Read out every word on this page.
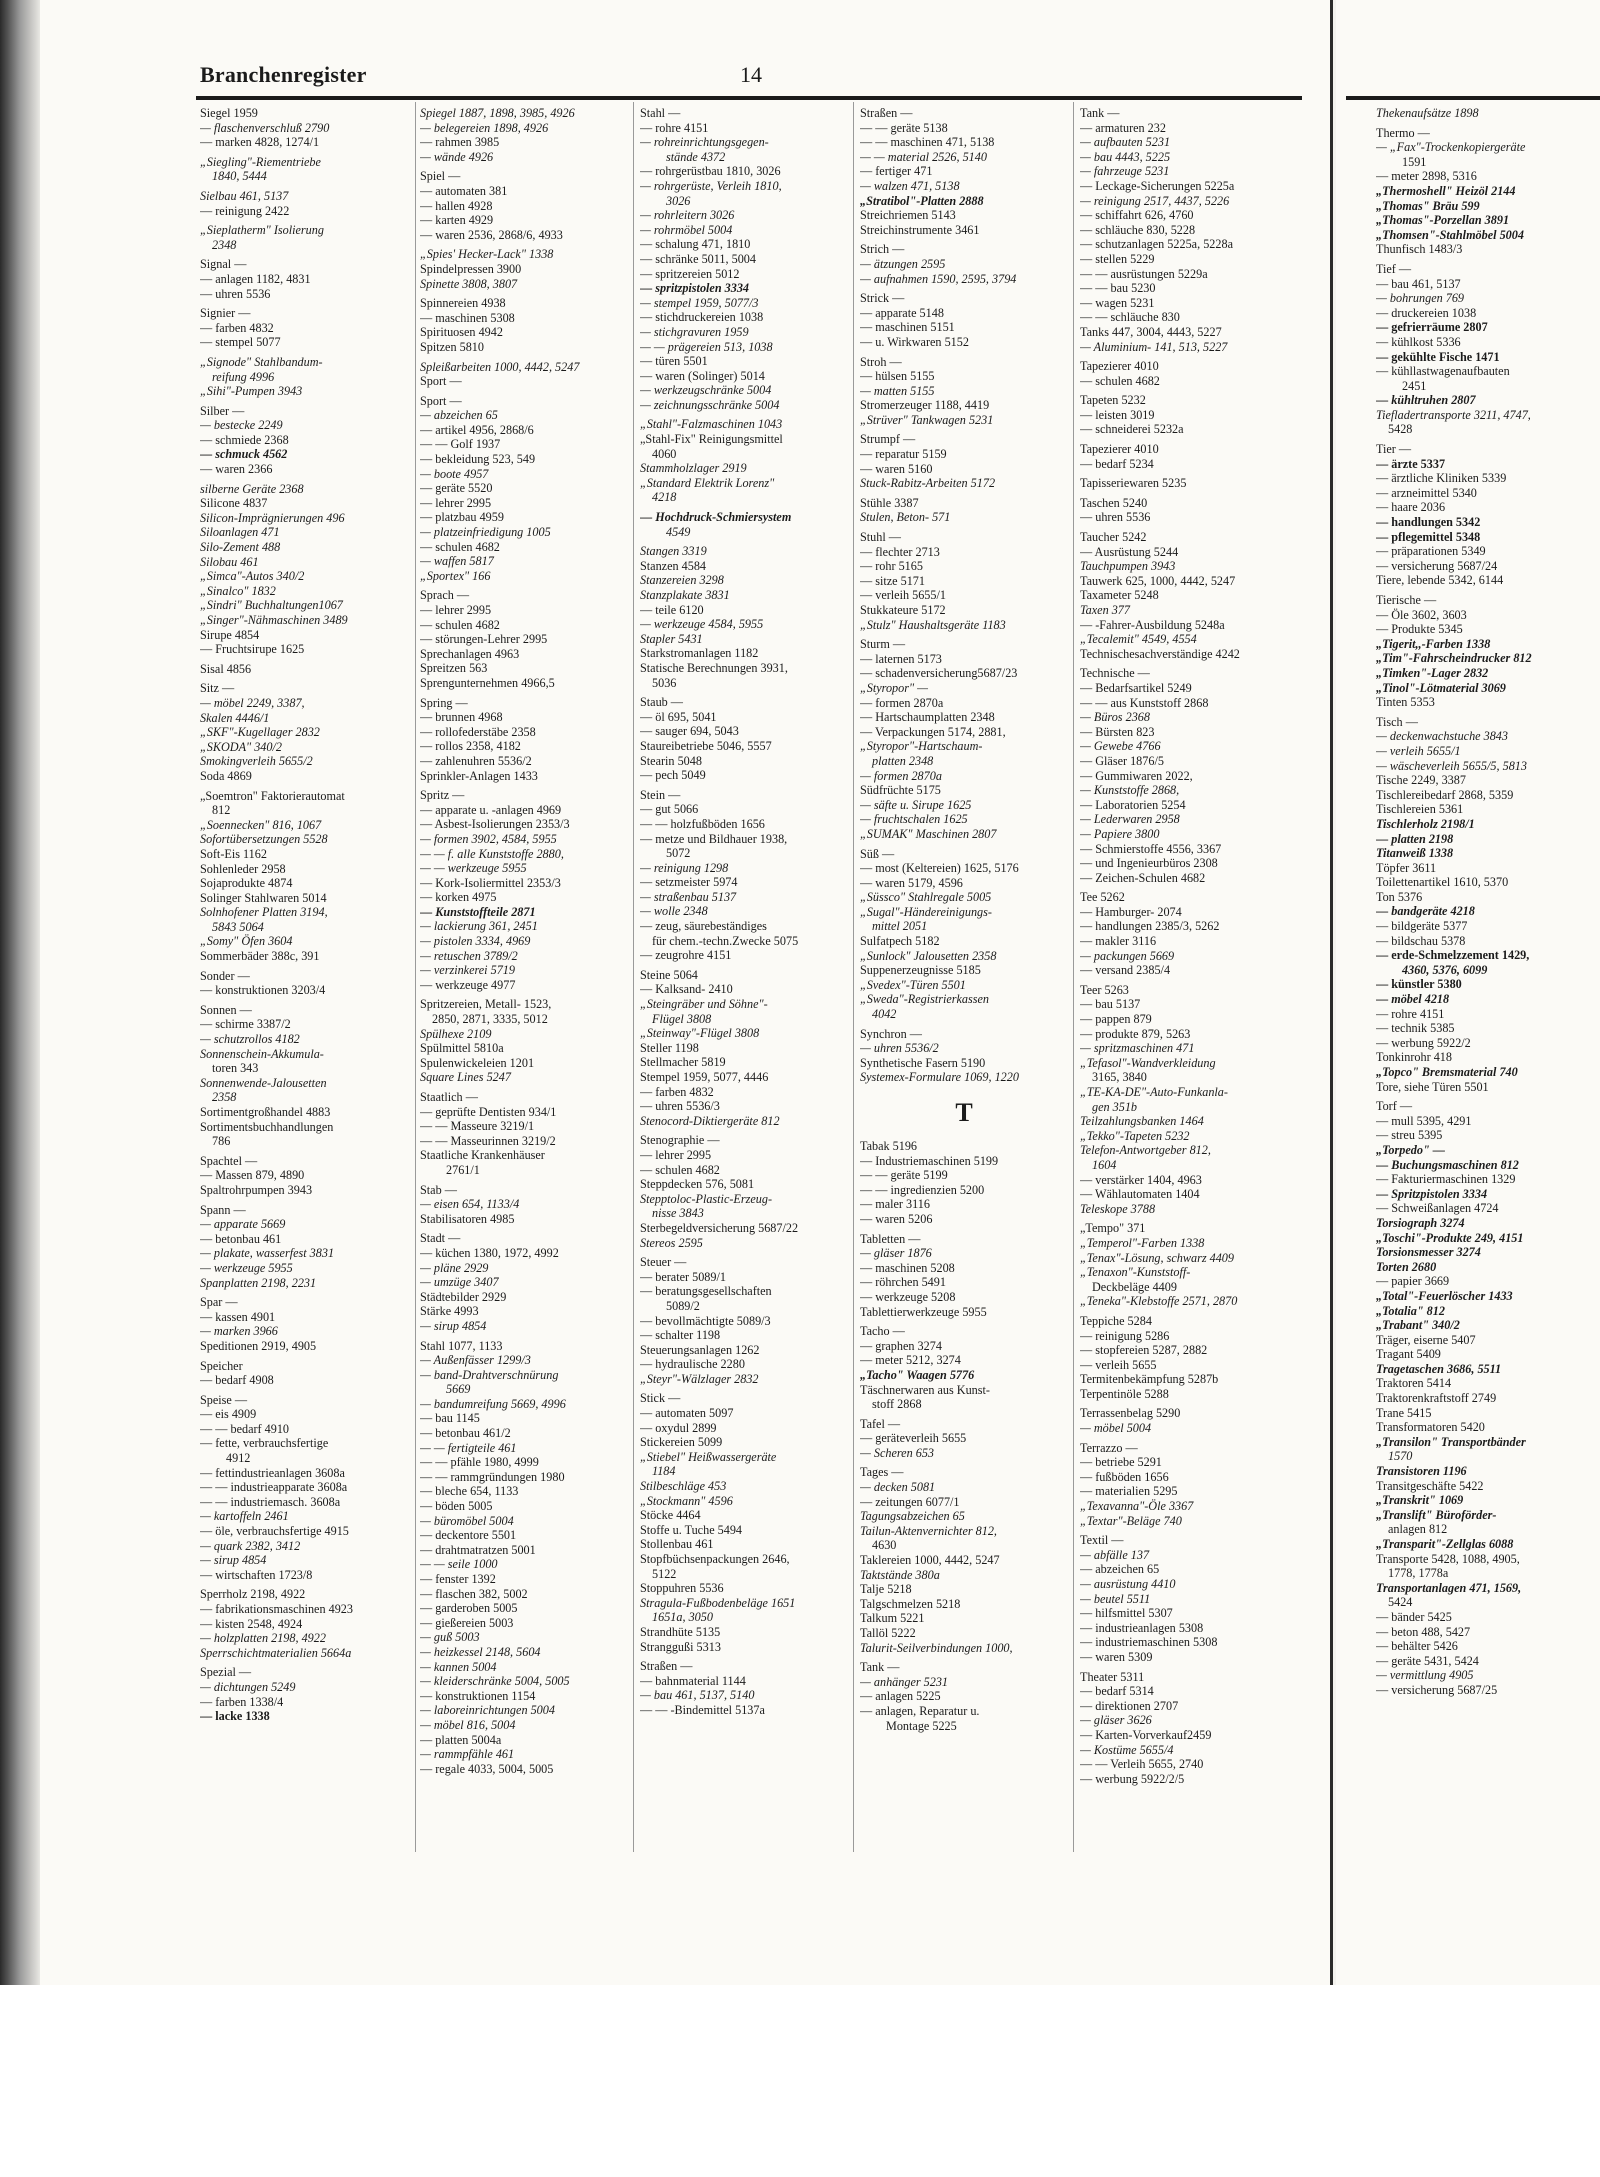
Branchenregister	14
Siegel 1959
— flaschenverschluß 2790
— marken 4828, 1274/1
„Siegling"-Riementriebe
1840, 5444
Sielbau 461, 5137
— reinigung 2422
„Sieplatherm" Isolierung
2348
Signal —
— anlagen 1182, 4831
— uhren 5536
Signier —
— farben 4832
— stempel 5077
„Signode" Stahlbandum-
reifung 4996
„Sihi"-Pumpen 3943
Silber —
— bestecke 2249
— schmiede 2368
— schmuck 4562
— waren 2366
silberne Geräte 2368
Silicone 4837
Silicon-Imprägnierungen 496
Siloanlagen 471
Silo-Zement 488
Silobau 461
„Simca"-Autos 340/2
„Sinalco" 1832
„Sindri" Buchhaltungen1067
„Singer"-Nähmaschinen 3489
Sirupe 4854
— Fruchtsirupe 1625
Sisal 4856
Sitz —
— möbel 2249, 3387,
Skalen 4446/1
„SKF"-Kugellager 2832
„SKODA" 340/2
Smokingverleih 5655/2
Soda 4869
„Soemtron" Faktorierautomat
812
„Soennecken" 816, 1067
Sofortübersetzungen 5528
Soft-Eis 1162
Sohlenleder 2958
Sojaprodukte 4874
Solinger Stahlwaren 5014
Solnhofener Platten 3194,
5843 5064
„Somy" Öfen 3604
Sommerbäder 388c, 391
Sonder —
— konstruktionen 3203/4
Sonnen —
— schirme 3387/2
— schutzrollos 4182
Sonnenschein-Akkumula-
toren 343
Sonnenwende-Jalousetten
2358
Sortimentgroßhandel 4883
Sortimentsbuchhandlungen
786
Spachtel —
— Massen 879, 4890
Spaltrohrpumpen 3943
Spann —
— apparate 5669
— betonbau 461
— plakate, wasserfest 3831
— werkzeuge 5955
Spanplatten 2198, 2231
Spar —
— kassen 4901
— marken 3966
Speditionen 2919, 4905
Speicher
— bedarf 4908
Speise —
— eis 4909
— — bedarf 4910
— fette, verbrauchsfertige
4912
— fettindustrieanlagen 3608a
— — industrieapparate 3608a
— — industriemasch. 3608a
— kartoffeln 2461
— öle, verbrauchsfertige 4915
— quark 2382, 3412
— sirup 4854
— wirtschaften 1723/8
Sperrholz 2198, 4922
— fabrikationsmaschinen 4923
— kisten 2548, 4924
— holzplatten 2198, 4922
Sperrschichtmaterialien 5664a
Spezial —
— dichtungen 5249
— farben 1338/4
— lacke 1338
Spiegel 1887, 1898, 3985, 4926
— belegereien 1898, 4926
— rahmen 3985
— wände 4926
Spiel —
— automaten 381
— hallen 4928
— karten 4929
— waren 2536, 2868/6, 4933
„Spies' Hecker-Lack" 1338
Spindelpressen 3900
Spinette 3808, 3807
Spinnereien 4938
— maschinen 5308
Spirituosen 4942
Spitzen 5810
Spleißarbeiten 1000, 4442, 5247
Sport —
Sport —
— abzeichen 65
— artikel 4956, 2868/6
— — Golf 1937
— bekleidung 523, 549
— boote 4957
— geräte 5520
— lehrer 2995
— platzbau 4959
— platzeinfriedigung 1005
— schulen 4682
— waffen 5817
„Sportex" 166
Sprach —
— lehrer 2995
— schulen 4682
— störungen-Lehrer 2995
Sprechanlagen 4963
Spreitzen 563
Sprengunternehmen 4966,5
Spring —
— brunnen 4968
— rollofederstäbe 2358
— rollos 2358, 4182
— zahlenuhren 5536/2
Sprinkler-Anlagen 1433
Spritz —
— apparate u. -anlagen 4969
— Asbest-Isolierungen 2353/3
— formen 3902, 4584, 5955
— — f. alle Kunststoffe 2880,
— — werkzeuge 5955
— Kork-Isoliermittel 2353/3
— korken 4975
— Kunststoffteile 2871
— lackierung 361, 2451
— pistolen 3334, 4969
— retuschen 3789/2
— verzinkerei 5719
— werkzeuge 4977
Spritzereien, Metall- 1523,
2850, 2871, 3335, 5012
Spülhexe 2109
Spülmittel 5810a
Spulenwickeleien 1201
Square Lines 5247
Staatlich —
— geprüfte Dentisten 934/1
— — Masseure 3219/1
— — Masseurinnen 3219/2
Staatliche Krankenhäuser
2761/1
Stab —
— eisen 654, 1133/4
Stabilisatoren 4985
Stadt —
— küchen 1380, 1972, 4992
— pläne 2929
— umzüge 3407
Städtebilder 2929
Stärke 4993
— sirup 4854
Stahl 1077, 1133
— Außenfässer 1299/3
— band-Drahtverschnürung
5669
— bandumreifung 5669, 4996
— bau 1145
— betonbau 461/2
— — fertigteile 461
— — pfähle 1980, 4999
— — rammgründungen 1980
— bleche 654, 1133
— böden 5005
— büromöbel 5004
— deckentore 5501
— drahtmatratzen 5001
— — seile 1000
— fenster 1392
— flaschen 382, 5002
— garderoben 5005
— gießereien 5003
— guß 5003
— heizkessel 2148, 5604
— kannen 5004
— kleiderschränke 5004, 5005
— konstruktionen 1154
— laboreinrichtungen 5004
— möbel 816, 5004
— platten 5004a
— rammpfähle 461
— regale 4033, 5004, 5005
Stahl —
— rohre 4151
— rohreinrichtungsgegen-
stände 4372
— rohrgerüstbau 1810, 3026
— rohrgerüste, Verleih 1810,
3026
— rohrleitern 3026
— rohrmöbel 5004
— schalung 471, 1810
— schränke 5011, 5004
— spritzereien 5012
— spritzpistolen 3334
— stempel 1959, 5077/3
— stichdruckereien 1038
— stichgravuren 1959
— — prägereien 513, 1038
— türen 5501
— waren (Solinger) 5014
— werkzeugschränke 5004
— zeichnungsschränke 5004
„Stahl"-Falzmaschinen 1043
„Stahl-Fix" Reinigungsmittel
4060
Stammholzlager 2919
„Standard Elektrik Lorenz"
4218
— Hochdruck-Schmiersystem
4549
Stangen 3319
Stanzen 4584
Stanzereien 3298
Stanzplakate 3831
— teile 6120
— werkzeuge 4584, 5955
Stapler 5431
Starkstromanlagen 1182
Statische Berechnungen 3931,
5036
Staub —
— öl 695, 5041
— sauger 694, 5043
Staureibetriebe 5046, 5557
Stearin 5048
— pech 5049
Stein —
— gut 5066
— — holzfußböden 1656
— metze und Bildhauer 1938,
5072
— reinigung 1298
— setzmeister 5974
— straßenbau 5137
— wolle 2348
— zeug, säurebeständiges
für chem.-techn.Zwecke 5075
— zeugrohre 4151
Steine 5064
— Kalksand- 2410
„Steingräber und Söhne"-
Flügel 3808
„Steinway"-Flügel 3808
Steller 1198
Stellmacher 5819
Stempel 1959, 5077, 4446
— farben 4832
— uhren 5536/3
Stenocord-Diktiergeräte 812
Stenographie —
— lehrer 2995
— schulen 4682
Steppdecken 576, 5081
Stepptoloc-Plastic-Erzeug-
nisse 3843
Sterbegeldversicherung 5687/22
Stereos 2595
Steuer —
— berater 5089/1
— beratungsgesellschaften
5089/2
— bevollmächtigte 5089/3
— schalter 1198
Steuerungsanlagen 1262
— hydraulische 2280
„Steyr"-Wälzlager 2832
Stick —
— automaten 5097
— oxydul 2899
Stickereien 5099
„Stiebel" Heißwassergeräte
1184
Stilbeschläge 453
„Stockmann" 4596
Stöcke 4464
Stoffe u. Tuche 5494
Stollenbau 461
Stopfbüchsenpackungen 2646,
5122
Stoppuhren 5536
Stragula-Fußbodenbeläge 1651
1651a, 3050
Strandhüte 5135
Stranggußi 5313
Straßen —
— bahnmaterial 1144
— bau 461, 5137, 5140
— — -Bindemittel 5137a
Straßen —
— — geräte 5138
— — maschinen 471, 5138
— — material 2526, 5140
— fertiger 471
— walzen 471, 5138
„Stratibol"-Platten 2888
Streichriemen 5143
Streichinstrumente 3461
Strich —
— ätzungen 2595
— aufnahmen 1590, 2595, 3794
Strick —
— apparate 5148
— maschinen 5151
— u. Wirkwaren 5152
Stroh —
— hülsen 5155
— matten 5155
Stromerzeuger 1188, 4419
„Strüver" Tankwagen 5231
Strumpf —
— reparatur 5159
— waren 5160
Stuck-Rabitz-Arbeiten 5172
Stühle 3387
Stulen, Beton- 571
Stuhl —
— flechter 2713
— rohr 5165
— sitze 5171
— verleih 5655/1
Stukkateure 5172
„Stulz" Haushaltsgeräte 1183
Sturm —
— laternen 5173
— schadenversicherung5687/23
„Styropor" —
— formen 2870a
— Hartschaumplatten 2348
— Verpackungen 5174, 2881,
„Styropor"-Hartschaum-
platten 2348
— formen 2870a
Südfrüchte 5175
— säfte u. Sirupe 1625
— fruchtschalen 1625
„SUMAK" Maschinen 2807
Süß —
— most (Keltereien) 1625, 5176
— waren 5179, 4596
„Süssco" Stahlregale 5005
„Sugal"-Händereinigungs-
mittel 2051
Sulfatpech 5182
„Sunlock" Jalousetten 2358
Suppenerzeugnisse 5185
„Svedex"-Türen 5501
„Sweda"-Registrierkassen
4042
Synchron —
— uhren 5536/2
Synthetische Fasern 5190
Systemex-Formulare 1069, 1220
T
Tabak 5196
— Industriemaschinen 5199
— — geräte 5199
— — ingredienzien 5200
— maler 3116
— waren 5206
Tabletten —
— gläser 1876
— maschinen 5208
— röhrchen 5491
— werkzeuge 5208
Tablettierwerkzeuge 5955
Tacho —
— graphen 3274
— meter 5212, 3274
„Tacho" Waagen 5776
Täschnerwaren aus Kunst-
stoff 2868
Tafel —
— geräteverleih 5655
— Scheren 653
Tages —
— decken 5081
— zeitungen 6077/1
Tagungsabzeichen 65
Tailun-Aktenvernichter 812,
4630
Taklereien 1000, 4442, 5247
Taktstände 380a
Talje 5218
Talgschmelzen 5218
Talkum 5221
Tallöl 5222
Talurit-Seilverbindungen 1000,
Tank —
— anhänger 5231
— anlagen 5225
— anlagen, Reparatur u.
Montage 5225
Tank —
— armaturen 232
— aufbauten 5231
— bau 4443, 5225
— fahrzeuge 5231
— Leckage-Sicherungen 5225a
— reinigung 2517, 4437, 5226
— schiffahrt 626, 4760
— schläuche 830, 5228
— schutzanlagen 5225a, 5228a
— stellen 5229
— — ausrüstungen 5229a
— — bau 5230
— wagen 5231
— — schläuche 830
Tanks 447, 3004, 4443, 5227
— Aluminium- 141, 513, 5227
Tapezierer 4010
— schulen 4682
Tapeten 5232
— leisten 3019
— schneiderei 5232a
Tapezierer 4010
— bedarf 5234
Tapisseriewaren 5235
Taschen 5240
— uhren 5536
Taucher 5242
— Ausrüstung 5244
Tauchpumpen 3943
Tauwerk 625, 1000, 4442, 5247
Taxameter 5248
Taxen 377
— -Fahrer-Ausbildung 5248a
„Tecalemit" 4549, 4554
Technischesachverständige 4242
Technische —
— Bedarfsartikel 5249
— — aus Kunststoff 2868
— Büros 2368
— Bürsten 823
— Gewebe 4766
— Gläser 1876/5
— Gummiwaren 2022,
— Kunststoffe 2868,
— Laboratorien 5254
— Lederwaren 2958
— Papiere 3800
— Schmierstoffe 4556, 3367
— und Ingenieurbüros 2308
— Zeichen-Schulen 4682
Tee 5262
— Hamburger- 2074
— handlungen 2385/3, 5262
— makler 3116
— packungen 5669
— versand 2385/4
Teer 5263
— bau 5137
— pappen 879
— produkte 879, 5263
— spritzmaschinen 471
„Tefasol"-Wandverkleidung
3165, 3840
„TE-KA-DE"-Auto-Funkanla-
gen 351b
Teilzahlungsbanken 1464
„Tekko"-Tapeten 5232
Telefon-Antwortgeber 812,
1604
— verstärker 1404, 4963
— Wählautomaten 1404
Teleskope 3788
„Tempo" 371
„Temperol"-Farben 1338
„Tenax"-Lösung, schwarz 4409
„Tenaxon"-Kunststoff-
Deckbeläge 4409
„Teneka"-Klebstoffe 2571, 2870
Teppiche 5284
— reinigung 5286
— stopfereien 5287, 2882
— verleih 5655
Termitenbekämpfung 5287b
Terpentinöle 5288
Terrassenbelag 5290
— möbel 5004
Terrazzo —
— betriebe 5291
— fußböden 1656
— materialien 5295
„Texavanna"-Öle 3367
„Textar"-Beläge 740
Textil —
— abfälle 137
— abzeichen 65
— ausrüstung 4410
— beutel 5511
— hilfsmittel 5307
— industrieanlagen 5308
— industriemaschinen 5308
— waren 5309
Theater 5311
— bedarf 5314
— direktionen 2707
— gläser 3626
— Karten-Vorverkauf2459
— Kostüme 5655/4
— — Verleih 5655, 2740
— werbung 5922/2/5
Thekenaufsätze 1898
Thermo —
— „Fax"-Trockenkopiergeräte
1591
— meter 2898, 5316
„Thermoshell" Heizöl 2144
„Thomas" Bräu 599
„Thomas"-Porzellan 3891
„Thomsen"-Stahlmöbel 5004
Thunfisch 1483/3
Tief —
— bau 461, 5137
— bohrungen 769
— druckereien 1038
— gefrierräume 2807
— kühlkost 5336
— gekühlte Fische 1471
— kühllastwagenaufbauten
2451
— kühltruhen 2807
Tiefladertransporte 3211, 4747,
5428
Tier —
— ärzte 5337
— ärztliche Kliniken 5339
— arzneimittel 5340
— haare 2036
— handlungen 5342
— pflegemittel 5348
— präparationen 5349
— versicherung 5687/24
Tiere, lebende 5342, 6144
Tierische —
— Öle 3602, 3603
— Produkte 5345
„Tigerit,,-Farben 1338
„Tim"-Fahrscheindrucker 812
„Timken"-Lager 2832
„Tinol"-Lötmaterial 3069
Tinten 5353
Tisch —
— deckenwachstuche 3843
— verleih 5655/1
— wäscheverleih 5655/5, 5813
Tische 2249, 3387
Tischlereibedarf 2868, 5359
Tischlereien 5361
Tischlerholz 2198/1
— platten 2198
Titanweiß 1338
Töpfer 3611
Toilettenartikel 1610, 5370
Ton 5376
— bandgeräte 4218
— bildgeräte 5377
— bildschau 5378
— erde-Schmelzzement 1429,
4360, 5376, 6099
— künstler 5380
— möbel 4218
— rohre 4151
— technik 5385
— werbung 5922/2
Tonkinrohr 418
„Topco" Bremsmaterial 740
Tore, siehe Türen 5501
Torf —
— mull 5395, 4291
— streu 5395
„Torpedo" —
— Buchungsmaschinen 812
— Fakturiermaschinen 1329
— Spritzpistolen 3334
— Schweißanlagen 4724
Torsiograph 3274
„Toschi"-Produkte 249, 4151
Torsionsmesser 3274
Torten 2680
— papier 3669
„Total"-Feuerlöscher 1433
„Totalia" 812
„Trabant" 340/2
Träger, eiserne 5407
Tragant 5409
Tragetaschen 3686, 5511
Traktoren 5414
Traktorenkraftstoff 2749
Trane 5415
Transformatoren 5420
„Transilon" Transportbänder
1570
Transistoren 1196
Transitgeschäfte 5422
„Transkrit" 1069
„Translift" Büroförder-
anlagen 812
„Transparit"-Zellglas 6088
Transporte 5428, 1088, 4905,
1778, 1778a
Transportanlagen 471, 1569,
5424
— bänder 5425
— beton 488, 5427
— behälter 5426
— geräte 5431, 5424
— vermittlung 4905
— versicherung 5687/25
